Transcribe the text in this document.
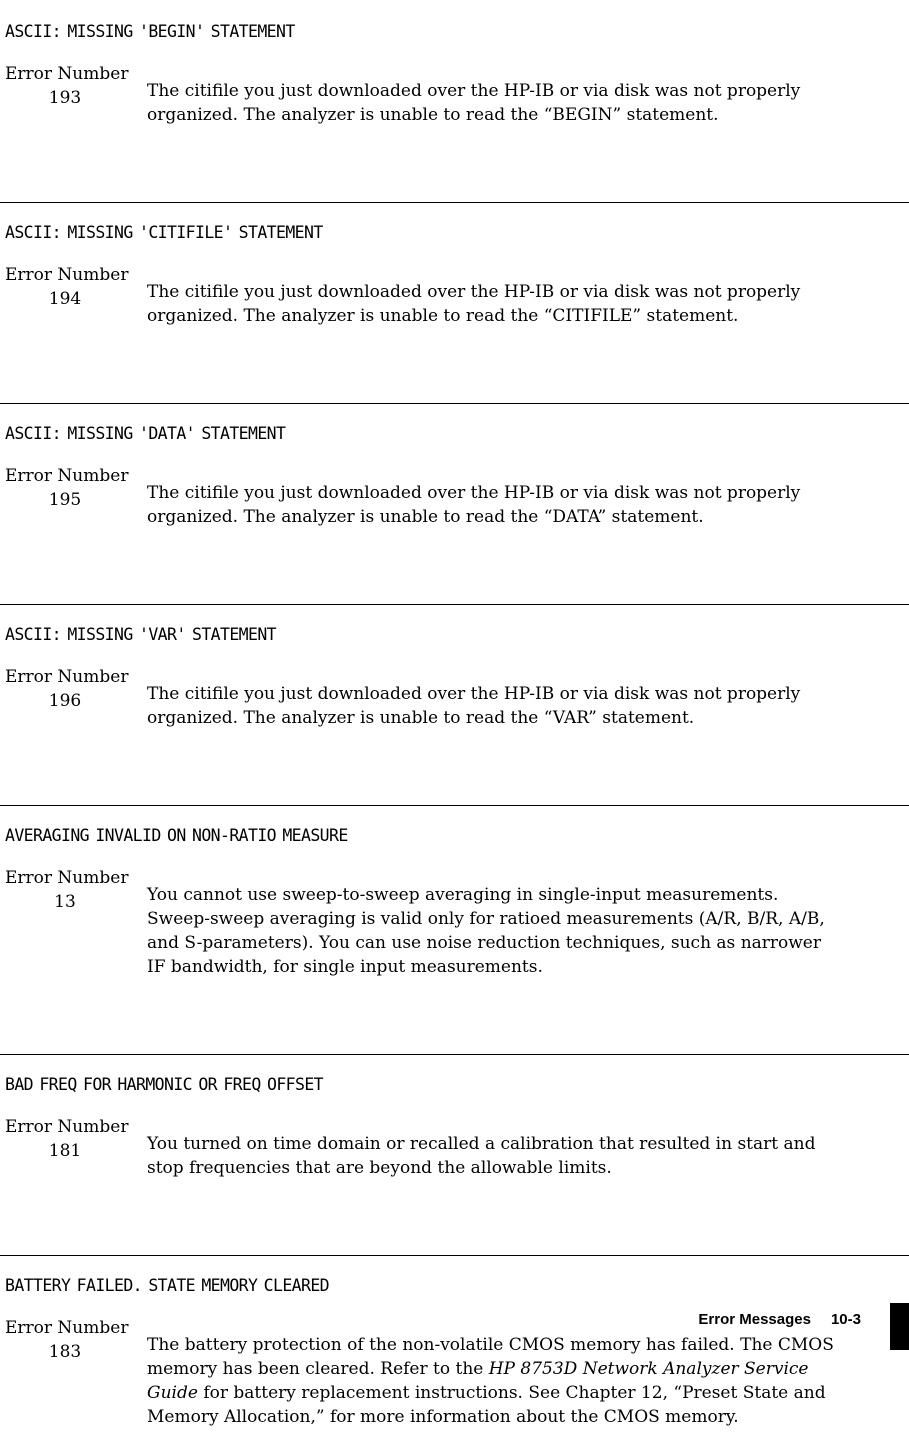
ASCII: MISSING 'BEGIN' STATEMENT
Error Number
193	The citifile you just downloaded over the HP-IB or via disk was not properly
organized. The analyzer is unable to read the “BEGIN” statement.

ASCII: MISSING 'CITIFILE' STATEMENT
Error Number
194	The citifile you just downloaded over the HP-IB or via disk was not properly
organized. The analyzer is unable to read the “CITIFILE” statement.

ASCII: MISSING 'DATA' STATEMENT
Error Number
195	The citifile you just downloaded over the HP-IB or via disk was not properly
organized. The analyzer is unable to read the “DATA” statement.

ASCII: MISSING 'VAR' STATEMENT
Error Number
196	The citifile you just downloaded over the HP-IB or via disk was not properly
organized. The analyzer is unable to read the “VAR” statement.

AVERAGING INVALID ON NON-RATIO MEASURE
Error Number
13	You cannot use sweep-to-sweep averaging in single-input measurements.
Sweep-sweep averaging is valid only for ratioed measurements (A/R, B/R, A/B,
and S-parameters). You can use noise reduction techniques, such as narrower
IF bandwidth, for single input measurements.

BAD FREQ FOR HARMONIC OR FREQ OFFSET
Error Number
181	You turned on time domain or recalled a calibration that resulted in start and
stop frequencies that are beyond the allowable limits.

BATTERY FAILED. STATE MEMORY CLEARED
Error Number
183	The battery protection of the non-volatile CMOS memory has failed. The CMOS
memory has been cleared. Refer to the HP 8753D Network Analyzer Service
Guide for battery replacement instructions. See Chapter 12, “Preset State and
Memory Allocation,” for more information about the CMOS memory.

Error Messages 10-3
